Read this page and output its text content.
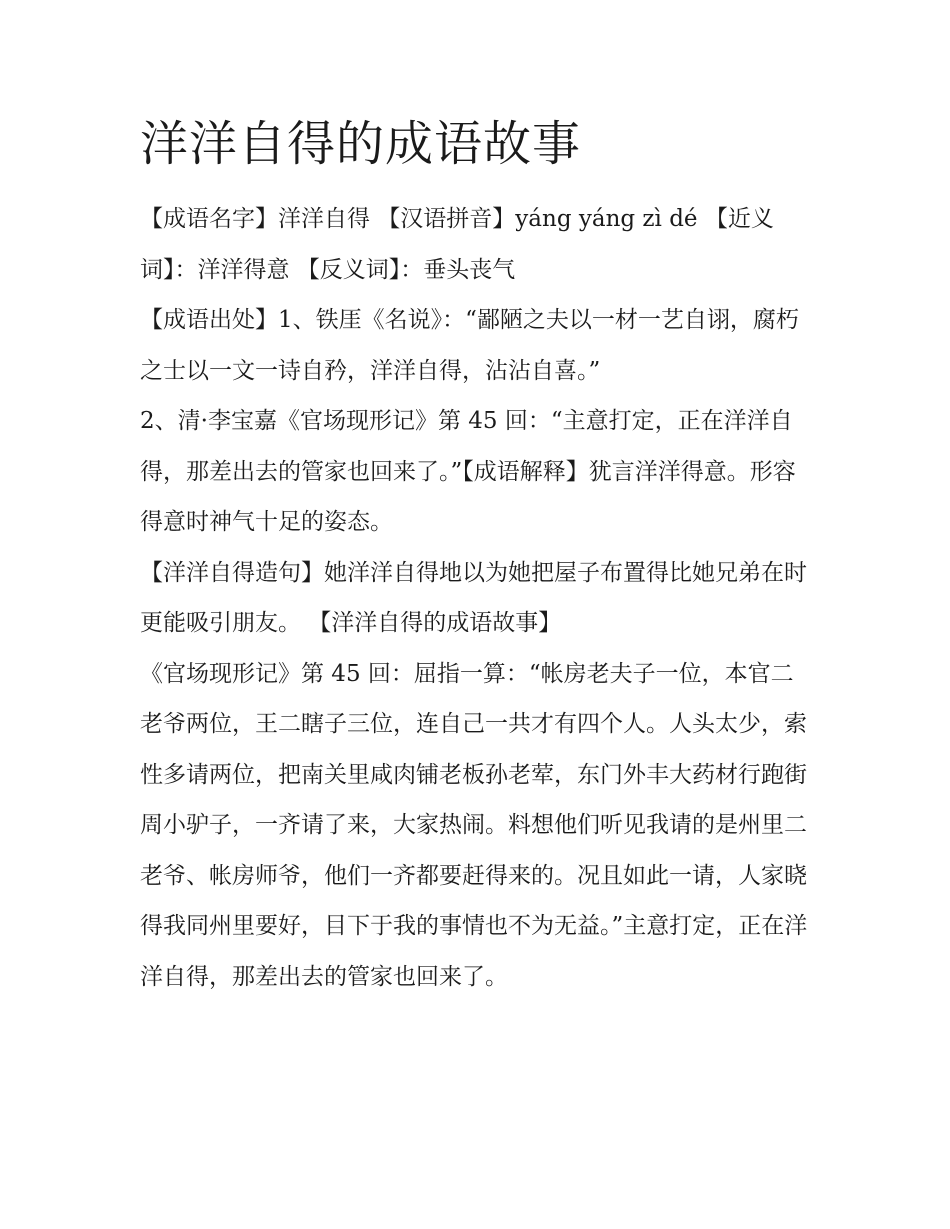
洋洋自得的成语故事

【成语名字】洋洋自得 【汉语拼音】yáng yáng zì dé 【近义词】：洋洋得意 【反义词】：垂头丧气

【成语出处】1、铁厓《名说》：“鄙陋之夫以一材一艺自诩，腐朽之士以一文一诗自矜，洋洋自得，沾沾自喜。”

2、清·李宝嘉《官场现形记》第 45 回：“主意打定，正在洋洋自得，那差出去的管家也回来了。”【成语解释】犹言洋洋得意。形容得意时神气十足的姿态。

【洋洋自得造句】她洋洋自得地以为她把屋子布置得比她兄弟在时更能吸引朋友。 【洋洋自得的成语故事】

《官场现形记》第 45 回：屈指一算：“帐房老夫子一位，本官二老爷两位，王二瞎子三位，连自己一共才有四个人。人头太少，索性多请两位，把南关里咸肉铺老板孙老荤，东门外丰大药材行跑街周小驴子，一齐请了来，大家热闹。料想他们听见我请的是州里二老爷、帐房师爷，他们一齐都要赶得来的。况且如此一请，人家晓得我同州里要好，目下于我的事情也不为无益。”主意打定，正在洋洋自得，那差出去的管家也回来了。
